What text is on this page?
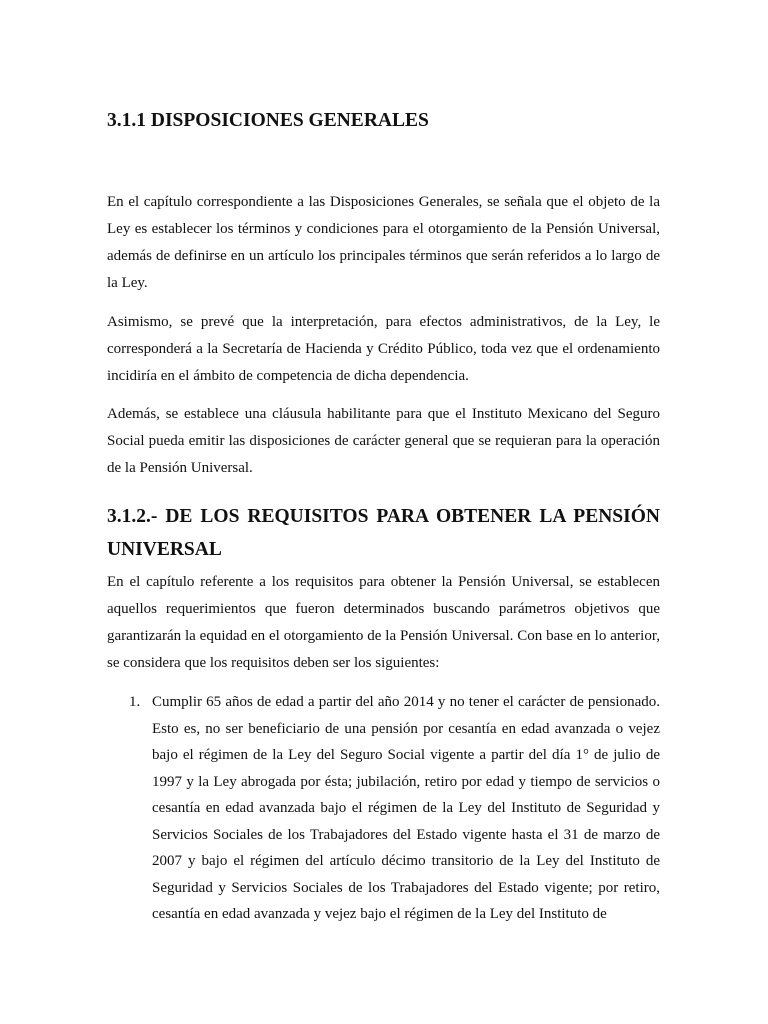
3.1.1 DISPOSICIONES GENERALES

En el capítulo correspondiente a las Disposiciones Generales, se señala que el objeto de la Ley es establecer los términos y condiciones para el otorgamiento de la Pensión Universal, además de definirse en un artículo los principales términos que serán referidos a lo largo de la Ley.

Asimismo, se prevé que la interpretación, para efectos administrativos, de la Ley, le corresponderá a la Secretaría de Hacienda y Crédito Público, toda vez que el ordenamiento incidiría en el ámbito de competencia de dicha dependencia.

Además, se establece una cláusula habilitante para que el Instituto Mexicano del Seguro Social pueda emitir las disposiciones de carácter general que se requieran para la operación de la Pensión Universal.

3.1.2.- DE LOS REQUISITOS PARA OBTENER LA PENSIÓN UNIVERSAL

En el capítulo referente a los requisitos para obtener la Pensión Universal, se establecen aquellos requerimientos que fueron determinados buscando parámetros objetivos que garantizarán la equidad en el otorgamiento de la Pensión Universal. Con base en lo anterior, se considera que los requisitos deben ser los siguientes:

1. Cumplir 65 años de edad a partir del año 2014 y no tener el carácter de pensionado. Esto es, no ser beneficiario de una pensión por cesantía en edad avanzada o vejez bajo el régimen de la Ley del Seguro Social vigente a partir del día 1° de julio de 1997 y la Ley abrogada por ésta; jubilación, retiro por edad y tiempo de servicios o cesantía en edad avanzada bajo el régimen de la Ley del Instituto de Seguridad y Servicios Sociales de los Trabajadores del Estado vigente hasta el 31 de marzo de 2007 y bajo el régimen del artículo décimo transitorio de la Ley del Instituto de Seguridad y Servicios Sociales de los Trabajadores del Estado vigente; por retiro, cesantía en edad avanzada y vejez bajo el régimen de la Ley del Instituto de
